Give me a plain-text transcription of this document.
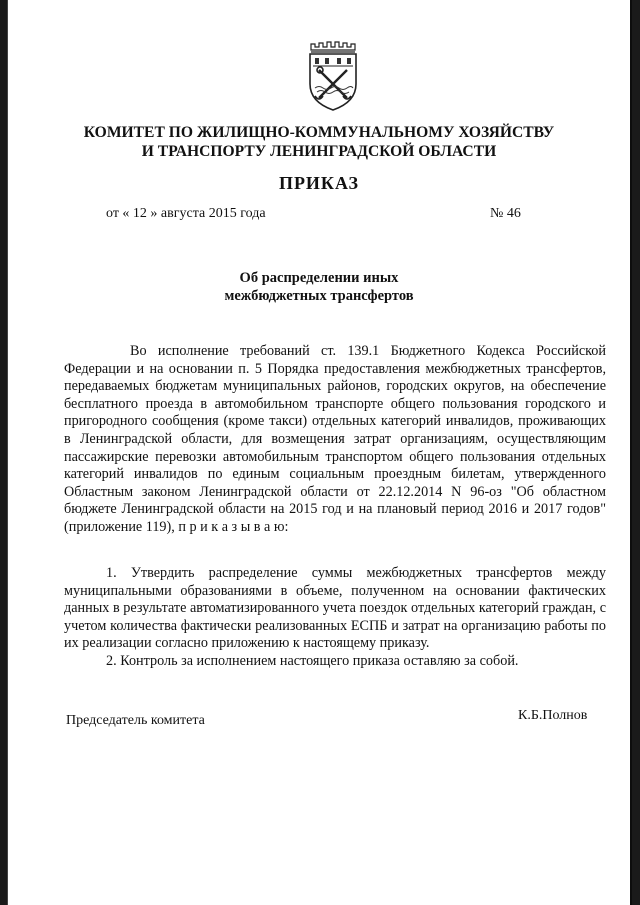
КОМИТЕТ ПО ЖИЛИЩНО-КОММУНАЛЬНОМУ ХОЗЯЙСТВУ
И ТРАНСПОРТУ ЛЕНИНГРАДСКОЙ ОБЛАСТИ
ПРИКАЗ
от « 12 » августа 2015 года	№ 46
Об распределении иных
межбюджетных трансфертов

Во исполнение требований ст. 139.1 Бюджетного Кодекса Российской Федерации и на основании п. 5 Порядка предоставления межбюджетных трансфертов, передаваемых бюджетам муниципальных районов, городских округов, на обеспечение бесплатного проезда в автомобильном транспорте общего пользования городского и пригородного сообщения (кроме такси) отдельных категорий инвалидов, проживающих в Ленинградской области, для возмещения затрат организациям, осуществляющим пассажирские перевозки автомобильным транспортом общего пользования отдельных категорий инвалидов по единым социальным проездным билетам, утвержденного Областным законом Ленинградской области от 22.12.2014 N 96-оз "Об областном бюджете Ленинградской области на 2015 год и на плановый период 2016 и 2017 годов" (приложение 119), п р и к а з ы в а ю:

1. Утвердить распределение суммы межбюджетных трансфертов между муниципальными образованиями в объеме, полученном на основании фактических данных в результате автоматизированного учета поездок отдельных категорий граждан, с учетом количества фактически реализованных ЕСПБ и затрат на организацию работы по их реализации согласно приложению к настоящему приказу.

2. Контроль за исполнением настоящего приказа оставляю за собой.

Председатель комитета	К.Б.Полнов
